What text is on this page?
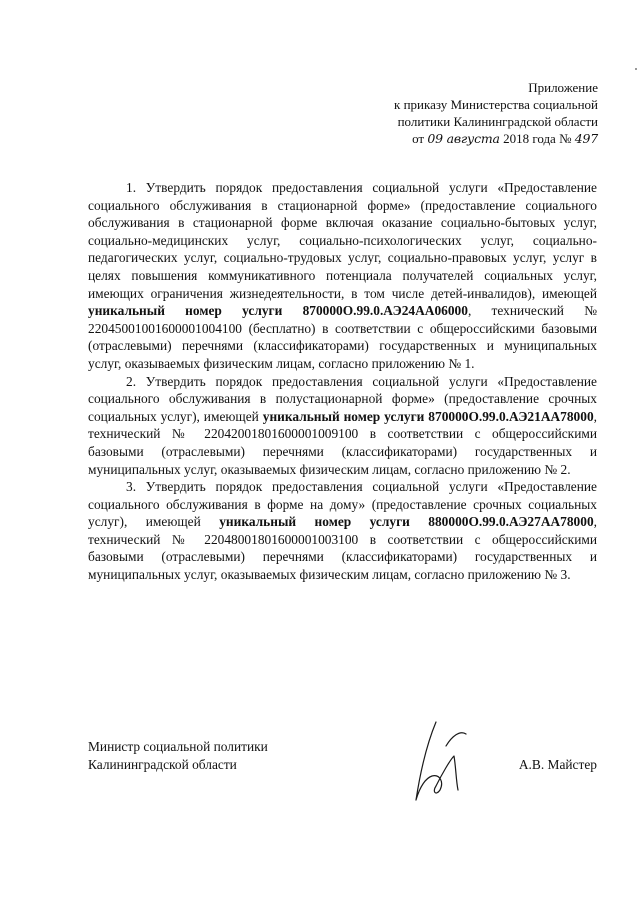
Приложение
к приказу Министерства социальной
политики Калининградской области
от 09 августа 2018 года № 497

1. Утвердить порядок предоставления социальной услуги «Предоставление социального обслуживания в стационарной форме» (предоставление социального обслуживания в стационарной форме включая оказание социально-бытовых услуг, социально-медицинских услуг, социально-психологических услуг, социально-педагогических услуг, социально-трудовых услуг, социально-правовых услуг, услуг в целях повышения коммуникативного потенциала получателей социальных услуг, имеющих ограничения жизнедеятельности, в том числе детей-инвалидов), имеющей уникальный номер услуги 870000О.99.0.АЭ24АА06000, технический № 22045001001600001004100 (бесплатно) в соответствии с общероссийскими базовыми (отраслевыми) перечнями (классификаторами) государственных и муниципальных услуг, оказываемых физическим лицам, согласно приложению № 1.

2. Утвердить порядок предоставления социальной услуги «Предоставление социального обслуживания в полустационарной форме» (предоставление срочных социальных услуг), имеющей уникальный номер услуги 870000О.99.0.АЭ21АА78000, технический № 22042001801600001009100 в соответствии с общероссийскими базовыми (отраслевыми) перечнями (классификаторами) государственных и муниципальных услуг, оказываемых физическим лицам, согласно приложению № 2.

3. Утвердить порядок предоставления социальной услуги «Предоставление социального обслуживания в форме на дому» (предоставление срочных социальных услуг), имеющей уникальный номер услуги 880000О.99.0.АЭ27АА78000, технический № 22048001801600001003100 в соответствии с общероссийскими базовыми (отраслевыми) перечнями (классификаторами) государственных и муниципальных услуг, оказываемых физическим лицам, согласно приложению № 3.

Министр социальной политики
Калининградской области	А.В. Майстер
